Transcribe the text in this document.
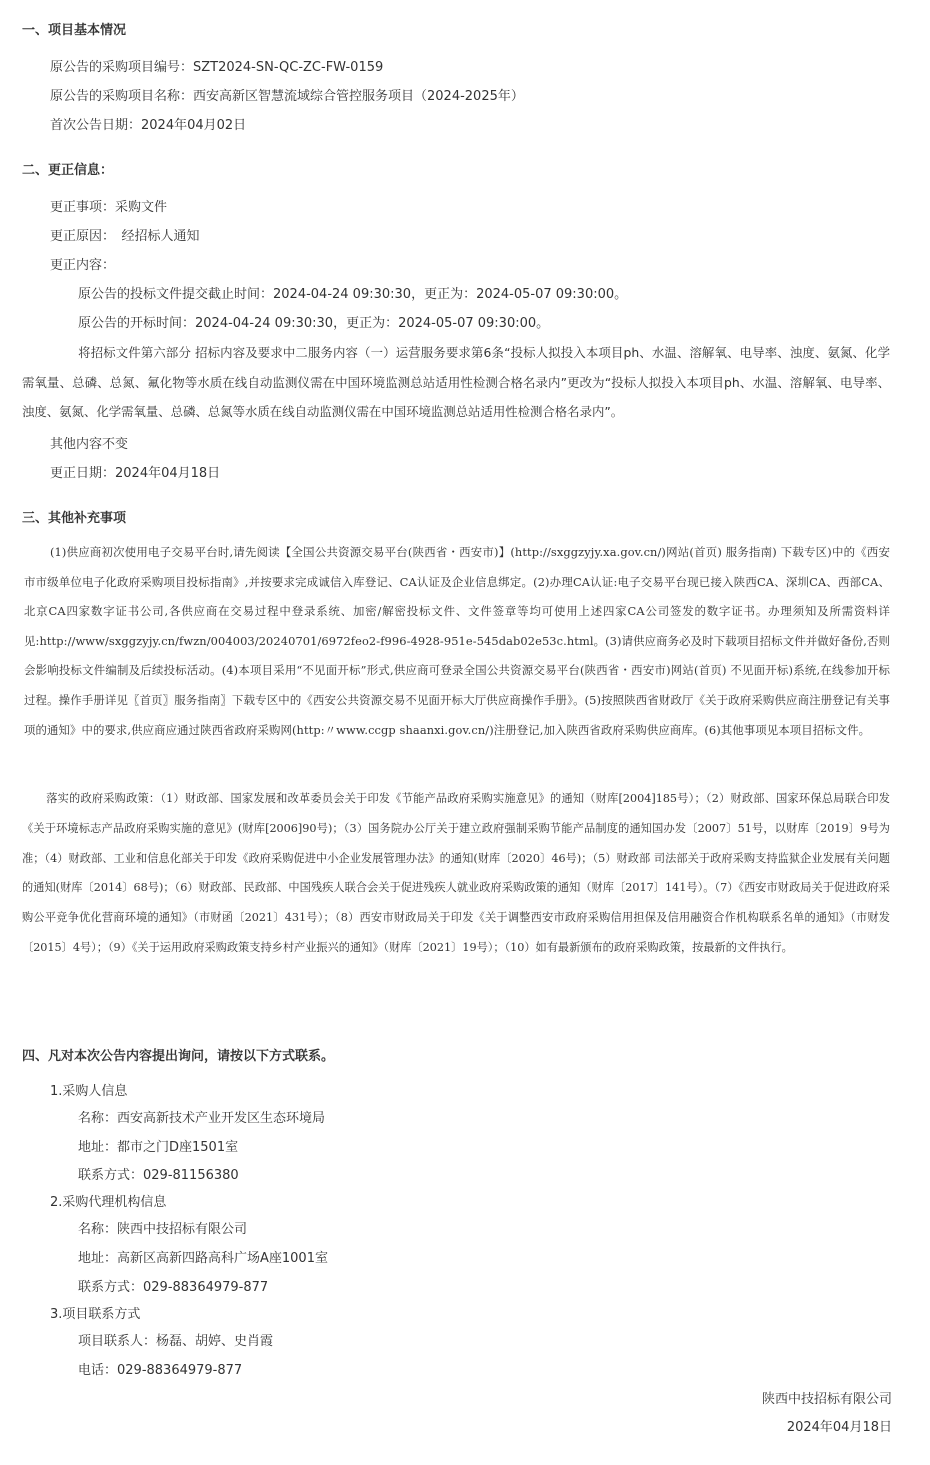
一、项目基本情况
原公告的采购项目编号：SZT2024-SN-QC-ZC-FW-0159
原公告的采购项目名称：西安高新区智慧流域综合管控服务项目（2024-2025年）
首次公告日期：2024年04月02日
二、更正信息：
更正事项：采购文件
更正原因：　经招标人通知
更正内容：
原公告的投标文件提交截止时间：2024-04-24 09:30:30，更正为：2024-05-07 09:30:00。
原公告的开标时间：2024-04-24 09:30:30，更正为：2024-05-07 09:30:00。
将招标文件第六部分 招标内容及要求中二服务内容（一）运营服务要求第6条“投标人拟投入本项目ph、水温、溶解氧、电导率、浊度、氨氮、化学需氧量、总磷、总氮、氟化物等水质在线自动监测仪需在中国环境监测总站适用性检测合格名录内”更改为“投标人拟投入本项目ph、水温、溶解氧、电导率、浊度、氨氮、化学需氧量、总磷、总氮等水质在线自动监测仪需在中国环境监测总站适用性检测合格名录内”。
其他内容不变
更正日期：2024年04月18日
三、其他补充事项
(1)供应商初次使用电子交易平台时,请先阅读【全国公共资源交易平台(陕西省・西安市)】(http://sxggzyjy.xa.gov.cn/)网站(首页) 服务指南) 下载专区)中的《西安市市级单位电子化政府采购项目投标指南》,并按要求完成诚信入库登记、CA认证及企业信息绑定。(2)办理CA认证:电子交易平台现已接入陕西CA、深圳CA、西部CA、北京CA四家数字证书公司,各供应商在交易过程中登录系统、加密/解密投标文件、文件签章等均可使用上述四家CA公司签发的数字证书。办理须知及所需资料详见:http://www/sxggzyjy.cn/fwzn/004003/20240701/6972feo2-f996-4928-951e-545dab02e53c.html。(3)请供应商务必及时下载项目招标文件并做好备份,否则会影响投标文件编制及后续投标活动。(4)本项目采用“不见面开标”形式,供应商可登录全国公共资源交易平台(陕西省・西安市)网站(首页) 不见面开标)系统,在线参加开标过程。操作手册详见〖首页〗服务指南〗下载专区中的《西安公共资源交易不见面开标大厅供应商操作手册》。(5)按照陕西省财政厅《关于政府采购供应商注册登记有关事项的通知》中的要求,供应商应通过陕西省政府采购网(http:〃www.ccgp shaanxi.gov.cn/)注册登记,加入陕西省政府采购供应商库。(6)其他事项见本项目招标文件。
落实的政府采购政策：（1）财政部、国家发展和改革委员会关于印发《节能产品政府采购实施意见》的通知（财库[2004]185号）；（2）财政部、国家环保总局联合印发《关于环境标志产品政府采购实施的意见》(财库[2006]90号)；（3）国务院办公厅关于建立政府强制采购节能产品制度的通知国办发〔2007〕51号，以财库〔2019〕9号为准；（4）财政部、工业和信息化部关于印发《政府采购促进中小企业发展管理办法》的通知(财库〔2020〕46号)；（5）财政部 司法部关于政府采购支持监狱企业发展有关问题的通知(财库〔2014〕68号)；（6）财政部、民政部、中国残疾人联合会关于促进残疾人就业政府采购政策的通知（财库〔2017〕141号）。（7）《西安市财政局关于促进政府采购公平竞争优化营商环境的通知》（市财函〔2021〕431号）；（8）西安市财政局关于印发《关于调整西安市政府采购信用担保及信用融资合作机构联系名单的通知》（市财发〔2015〕4号）；（9）《关于运用政府采购政策支持乡村产业振兴的通知》（财库〔2021〕19号）；（10）如有最新颁布的政府采购政策，按最新的文件执行。
四、凡对本次公告内容提出询问，请按以下方式联系。
1.采购人信息
名称：西安高新技术产业开发区生态环境局
地址：都市之门D座1501室
联系方式：029-81156380
2.采购代理机构信息
名称：陕西中技招标有限公司
地址：高新区高新四路高科广场A座1001室
联系方式：029-88364979-877
3.项目联系方式
项目联系人：杨磊、胡婷、史肖霞
电话：029-88364979-877
陕西中技招标有限公司
2024年04月18日
